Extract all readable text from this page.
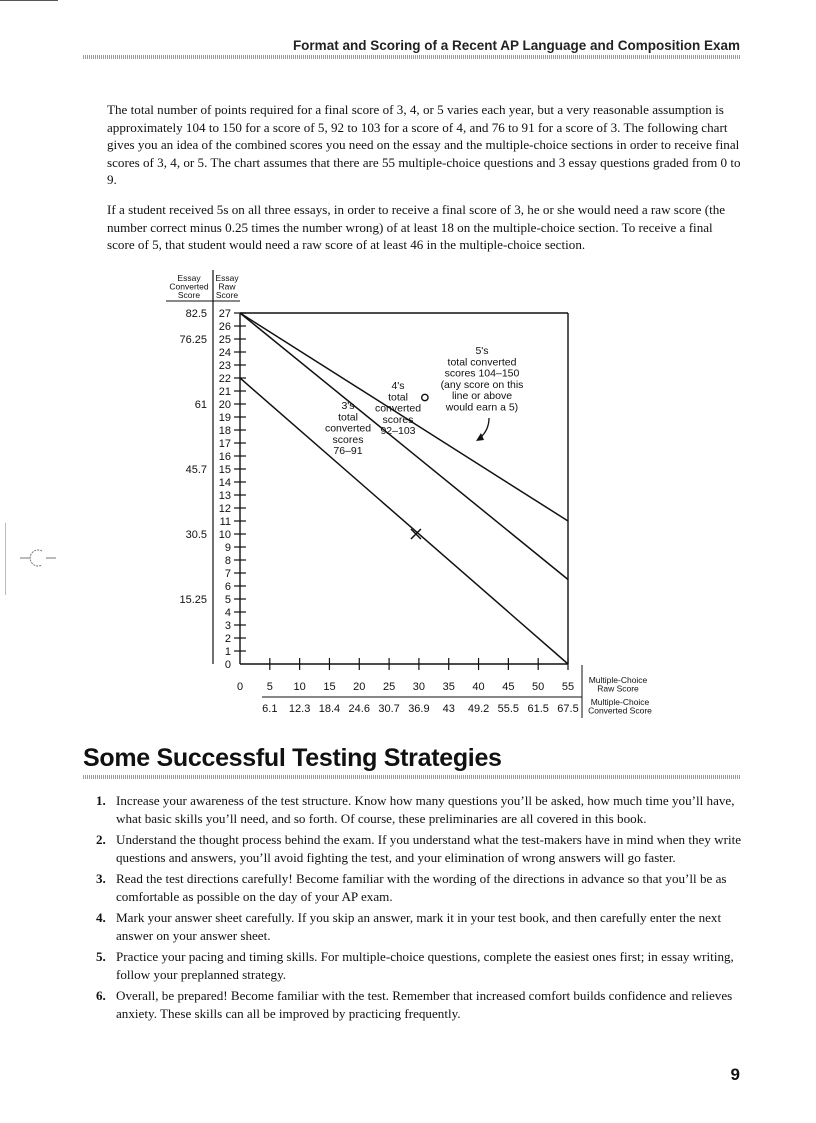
Format and Scoring of a Recent AP Language and Composition Exam

The total number of points required for a final score of 3, 4, or 5 varies each year, but a very reasonable assumption is approximately 104 to 150 for a score of 5, 92 to 103 for a score of 4, and 76 to 91 for a score of 3. The following chart gives you an idea of the combined scores you need on the essay and the multiple-choice sections in order to receive final scores of 3, 4, or 5. The chart assumes that there are 55 multiple-choice questions and 3 essay questions graded from 0 to 9.

If a student received 5s on all three essays, in order to receive a final score of 3, he or she would need a raw score (the number correct minus 0.25 times the number wrong) of at least 18 on the multiple-choice section. To receive a final score of 5, that student would need a raw score of at least 46 in the multiple-choice section.

Essay
Converted
Score
Essay
Raw
Score
0
1
2
3
4
5
6
7
8
9
10
11
12
13
14
15
16
17
18
19
20
21
22
23
24
25
26
27
82.5
76.25
61
45.7
30.5
15.25
0 5 10 15 20 25 30 35 40 45 50 55
6.1 12.3 18.4 24.6 30.7 36.9 43 49.2 55.5 61.5 67.5
Multiple-Choice
Raw Score
Multiple-Choice
Converted Score
3's
total
converted
scores
76–91
4's
total
converted
scores
92–103
5's
total converted
scores 104–150
(any score on this
line or above
would earn a 5)
Some Successful Testing Strategies
1. Increase your awareness of the test structure. Know how many questions you’ll be asked, how much time you’ll have, what basic skills you’ll need, and so forth. Of course, these preliminaries are all covered in this book.
2. Understand the thought process behind the exam. If you understand what the test-makers have in mind when they write questions and answers, you’ll avoid fighting the test, and your elimination of wrong answers will go faster.
3. Read the test directions carefully! Become familiar with the wording of the directions in advance so that you’ll be as comfortable as possible on the day of your AP exam.
4. Mark your answer sheet carefully. If you skip an answer, mark it in your test book, and then carefully enter the next answer on your answer sheet.
5. Practice your pacing and timing skills. For multiple-choice questions, complete the easiest ones first; in essay writing, follow your preplanned strategy.
6. Overall, be prepared! Become familiar with the test. Remember that increased comfort builds confidence and relieves anxiety. These skills can all be improved by practicing frequently.
9
